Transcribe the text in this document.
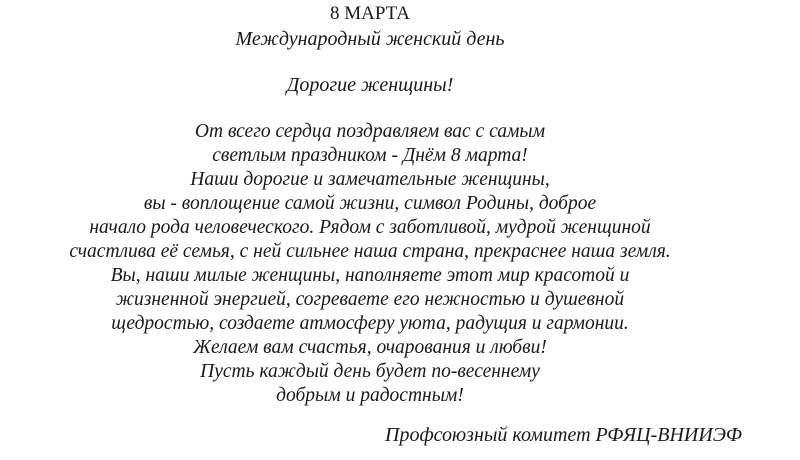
8 МАРТА
Международный женский день
Дорогие женщины!
От всего сердца поздравляем вас с самым
светлым праздником - Днём 8 марта!
Наши дорогие и замечательные женщины,
вы - воплощение самой жизни, символ Родины, доброе
начало рода человеческого. Рядом с заботливой, мудрой женщиной
счастлива её семья, с ней сильнее наша страна, прекраснее наша земля.
Вы, наши милые женщины, наполняете этот мир красотой и
жизненной энергией, согреваете его нежностью и душевной
щедростью, создаете атмосферу уюта, радущия и гармонии.
Желаем вам счастья, очарования и любви!
Пусть каждый день будет по-весеннему
добрым и радостным!
Профсоюзный комитет РФЯЦ-ВНИИЭФ
